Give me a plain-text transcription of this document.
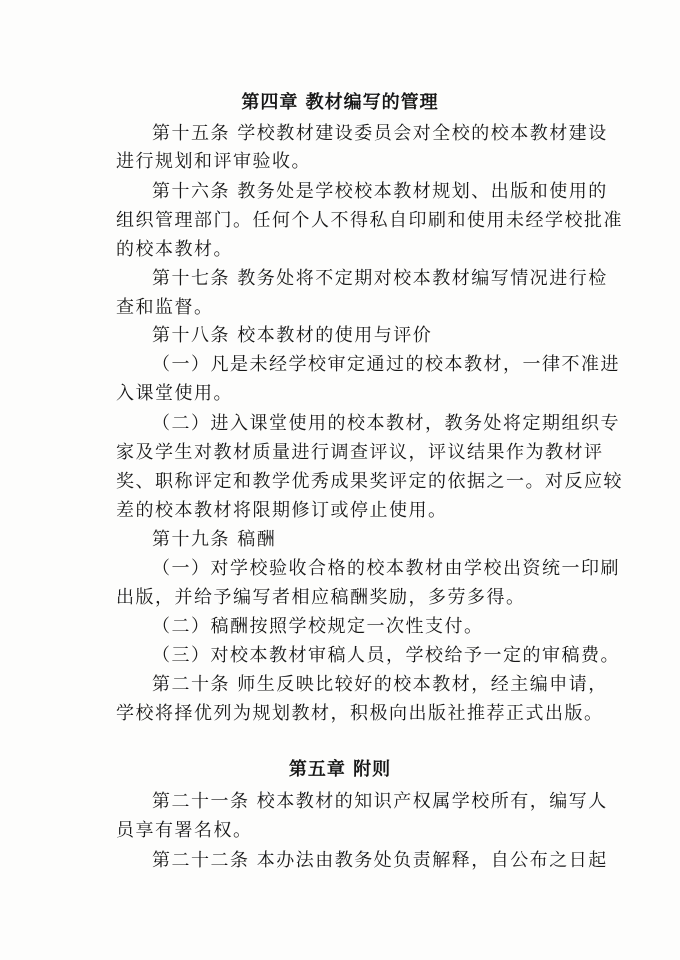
第四章 教材编写的管理
第十五条 学校教材建设委员会对全校的校本教材建设
进行规划和评审验收。
第十六条 教务处是学校校本教材规划、出版和使用的
组织管理部门。任何个人不得私自印刷和使用未经学校批准
的校本教材。
第十七条 教务处将不定期对校本教材编写情况进行检
查和监督。
第十八条 校本教材的使用与评价
（一）凡是未经学校审定通过的校本教材，一律不准进
入课堂使用。
（二）进入课堂使用的校本教材，教务处将定期组织专
家及学生对教材质量进行调查评议，评议结果作为教材评
奖、职称评定和教学优秀成果奖评定的依据之一。对反应较
差的校本教材将限期修订或停止使用。
第十九条 稿酬
（一）对学校验收合格的校本教材由学校出资统一印刷
出版，并给予编写者相应稿酬奖励，多劳多得。
（二）稿酬按照学校规定一次性支付。
（三）对校本教材审稿人员，学校给予一定的审稿费。
第二十条 师生反映比较好的校本教材，经主编申请，
学校将择优列为规划教材，积极向出版社推荐正式出版。
第五章 附则
第二十一条 校本教材的知识产权属学校所有，编写人
员享有署名权。
第二十二条 本办法由教务处负责解释，自公布之日起
